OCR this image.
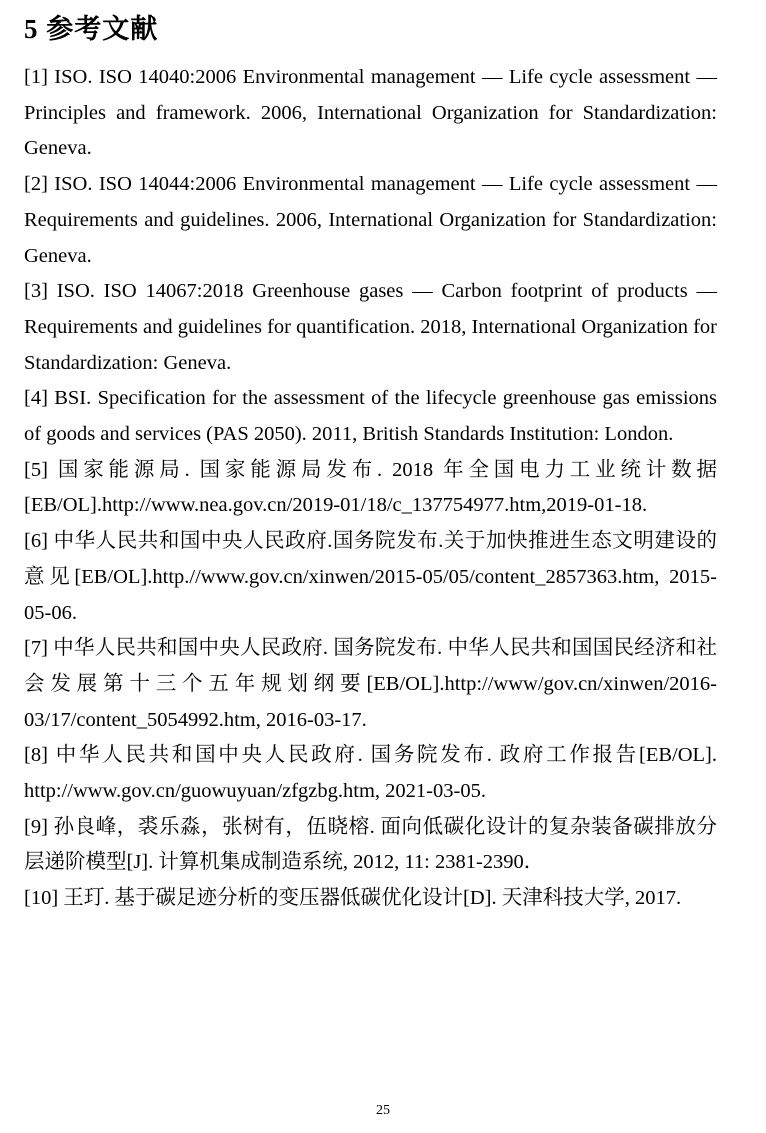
5 参考文献

[1] ISO. ISO 14040:2006 Environmental management — Life cycle assessment — Principles and framework. 2006, International Organization for Standardization: Geneva.

[2] ISO. ISO 14044:2006 Environmental management — Life cycle assessment — Requirements and guidelines. 2006, International Organization for Standardization: Geneva.

[3] ISO. ISO 14067:2018 Greenhouse gases — Carbon footprint of products — Requirements and guidelines for quantification. 2018, International Organization for Standardization: Geneva.

[4] BSI. Specification for the assessment of the lifecycle greenhouse gas emissions of goods and services (PAS 2050). 2011, British Standards Institution: London.

[5] 国家能源局. 国家能源局发布. 2018 年全国电力工业统计数据[EB/OL].http://www.nea.gov.cn/2019-01/18/c_137754977.htm,2019-01-18.

[6] 中华人民共和国中央人民政府.国务院发布.关于加快推进生态文明建设的意见[EB/OL].http.//www.gov.cn/xinwen/2015-05/05/content_2857363.htm, 2015-05-06.

[7] 中华人民共和国中央人民政府. 国务院发布. 中华人民共和国国民经济和社会发展第十三个五年规划纲要[EB/OL].http://www/gov.cn/xinwen/2016-03/17/content_5054992.htm, 2016-03-17.

[8] 中华人民共和国中央人民政府. 国务院发布. 政府工作报告[EB/OL]. http://www.gov.cn/guowuyuan/zfgzbg.htm, 2021-03-05.

[9] 孙良峰，裘乐淼，张树有，伍晓榕. 面向低碳化设计的复杂装备碳排放分层递阶模型[J]. 计算机集成制造系统, 2012, 11: 2381-2390．

[10] 王玎. 基于碳足迹分析的变压器低碳优化设计[D]. 天津科技大学, 2017.

25
